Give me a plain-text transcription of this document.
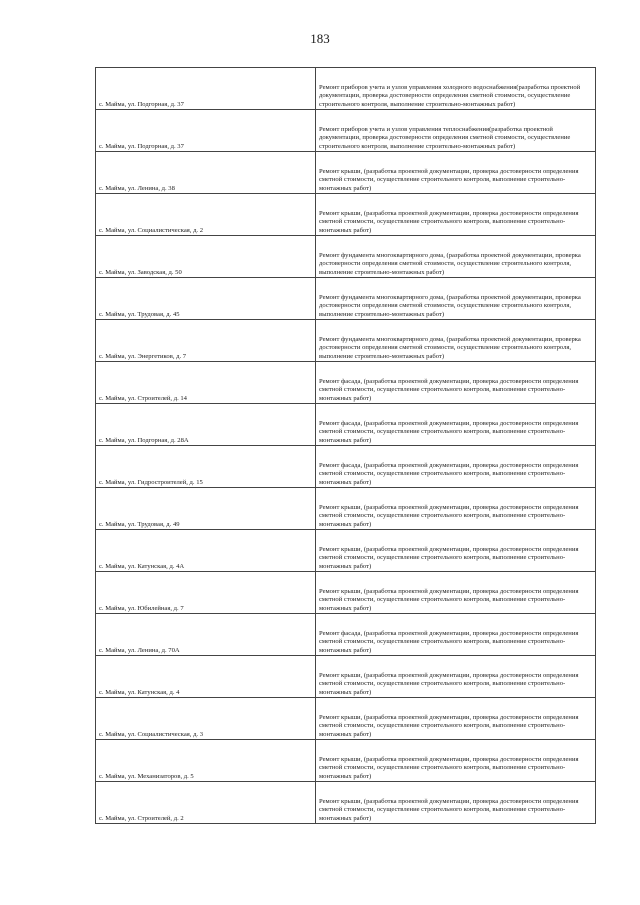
183
с. Майма, ул. Подгорная, д. 37	Ремонт приборов учета и узлов управления холодного водоснабжения(разработка проектной документации, проверка достоверности определения сметной стоимости, осуществление строительного контроля, выполнение строительно-монтажных работ)
с. Майма, ул. Подгорная, д. 37	Ремонт приборов учета и узлов управления теплоснабжения(разработка проектной документации, проверка достоверности определения сметной стоимости, осуществление строительного контроля, выполнение строительно-монтажных работ)
с. Майма, ул. Ленина, д. 38	Ремонт крыши, (разработка проектной документации, проверка достоверности определения сметной стоимости, осуществление строительного контроля, выполнение строительно-монтажных работ)
с. Майма, ул. Социалистическая, д. 2	Ремонт крыши, (разработка проектной документации, проверка достоверности определения сметной стоимости, осуществление строительного контроля, выполнение строительно-монтажных работ)
с. Майма, ул. Заводская, д. 50	Ремонт фундамента многоквартирного дома, (разработка проектной документации, проверка достоверности определения сметной стоимости, осуществление строительного контроля, выполнение строительно-монтажных работ)
с. Майма, ул. Трудовая, д. 45	Ремонт фундамента многоквартирного дома, (разработка проектной документации, проверка достоверности определения сметной стоимости, осуществление строительного контроля, выполнение строительно-монтажных работ)
с. Майма, ул. Энергетиков, д. 7	Ремонт фундамента многоквартирного дома, (разработка проектной документации, проверка достоверности определения сметной стоимости, осуществление строительного контроля, выполнение строительно-монтажных работ)
с. Майма, ул. Строителей, д. 14	Ремонт фасада, (разработка проектной документации, проверка достоверности определения сметной стоимости, осуществление строительного контроля, выполнение строительно-монтажных работ)
с. Майма, ул. Подгорная, д. 28А	Ремонт фасада, (разработка проектной документации, проверка достоверности определения сметной стоимости, осуществление строительного контроля, выполнение строительно-монтажных работ)
с. Майма, ул. Гидростроителей, д. 15	Ремонт фасада, (разработка проектной документации, проверка достоверности определения сметной стоимости, осуществление строительного контроля, выполнение строительно-монтажных работ)
с. Майма, ул. Трудовая, д. 49	Ремонт крыши, (разработка проектной документации, проверка достоверности определения сметной стоимости, осуществление строительного контроля, выполнение строительно-монтажных работ)
с. Майма, ул. Катунская, д. 4А	Ремонт крыши, (разработка проектной документации, проверка достоверности определения сметной стоимости, осуществление строительного контроля, выполнение строительно-монтажных работ)
с. Майма, ул. Юбилейная, д. 7	Ремонт крыши, (разработка проектной документации, проверка достоверности определения сметной стоимости, осуществление строительного контроля, выполнение строительно-монтажных работ)
с. Майма, ул. Ленина, д. 70А	Ремонт фасада, (разработка проектной документации, проверка достоверности определения сметной стоимости, осуществление строительного контроля, выполнение строительно-монтажных работ)
с. Майма, ул. Катунская, д. 4	Ремонт крыши, (разработка проектной документации, проверка достоверности определения сметной стоимости, осуществление строительного контроля, выполнение строительно-монтажных работ)
с. Майма, ул. Социалистическая, д. 3	Ремонт крыши, (разработка проектной документации, проверка достоверности определения сметной стоимости, осуществление строительного контроля, выполнение строительно-монтажных работ)
с. Майма, ул. Механизаторов, д. 5	Ремонт крыши, (разработка проектной документации, проверка достоверности определения сметной стоимости, осуществление строительного контроля, выполнение строительно-монтажных работ)
с. Майма, ул. Строителей, д. 2	Ремонт крыши, (разработка проектной документации, проверка достоверности определения сметной стоимости, осуществление строительного контроля, выполнение строительно-монтажных работ)
